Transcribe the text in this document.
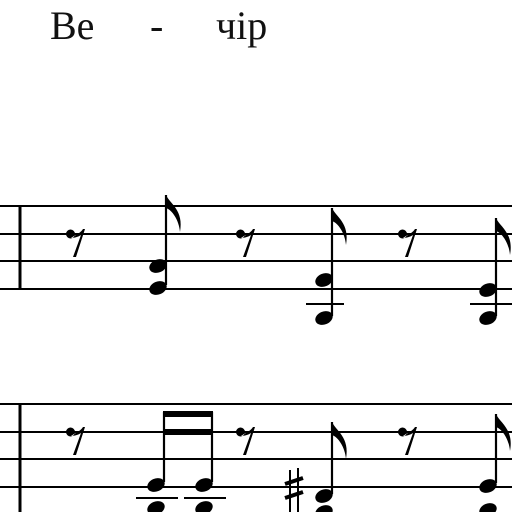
Ве - чір
